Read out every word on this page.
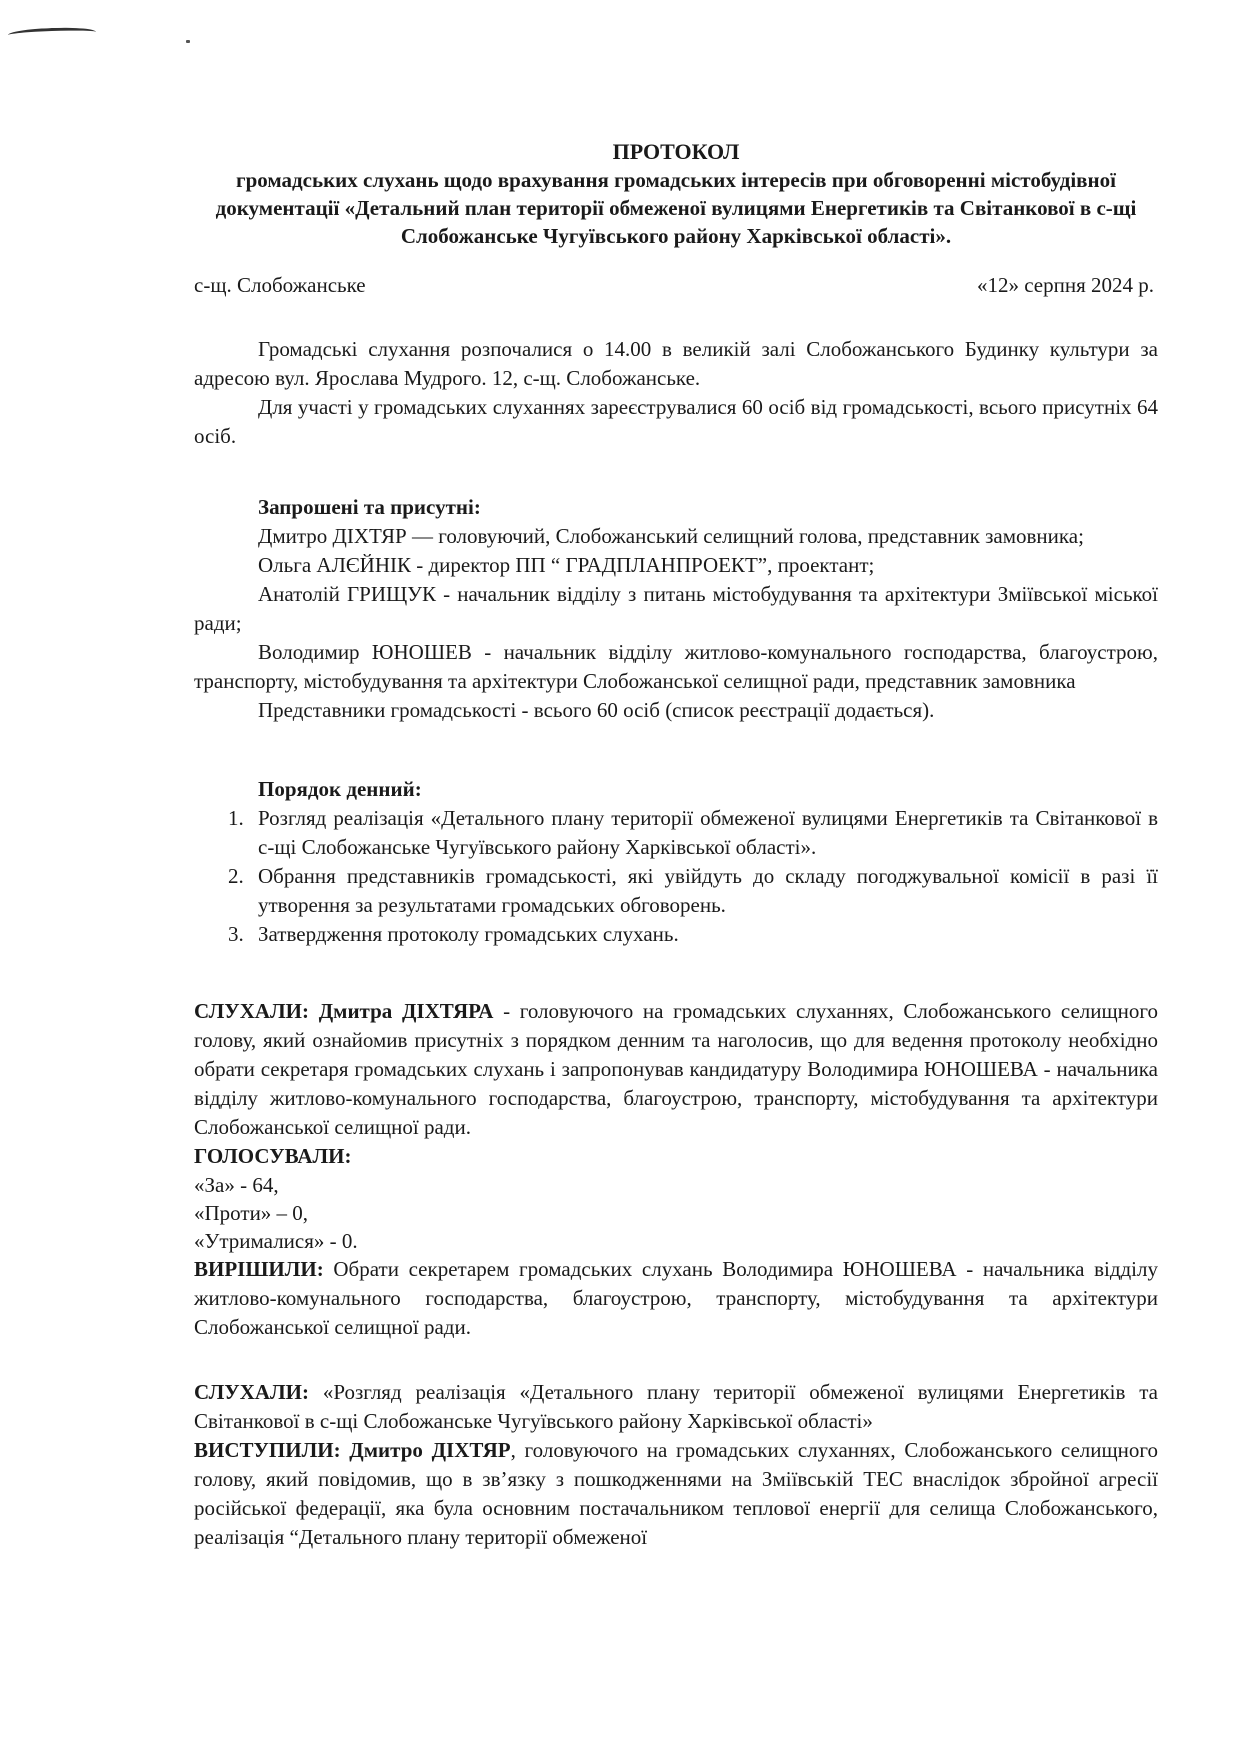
ПРОТОКОЛ

громадських слухань щодо врахування громадських інтересів при обговоренні містобудівної документації «Детальний план території обмеженої вулицями Енергетиків та Світанкової в с-щі Слобожанське Чугуївського району Харківської області».

с-щ. Слобожанське	«12» серпня 2024 р.

Громадські слухання розпочалися о 14.00 в великій залі Слобожанського Будинку культури за адресою вул. Ярослава Мудрого. 12, с-щ. Слобожанське.

Для участі у громадських слуханнях зареєструвалися 60 осіб від громадськості, всього присутніх 64 осіб.

Запрошені та присутні:

Дмитро ДІХТЯР — головуючий, Слобожанський селищний голова, представник замовника;

Ольга АЛЄЙНІК - директор ПП “ ГРАДПЛАНПРОЕКТ”, проектант;

Анатолій ГРИЩУК - начальник відділу з питань містобудування та архітектури Зміївської міської ради;

Володимир ЮНОШЕВ - начальник відділу житлово-комунального господарства, благоустрою, транспорту, містобудування та архітектури Слобожанської селищної ради, представник замовника

Представники громадськості - всього 60 осіб (список реєстрації додається).

Порядок денний:
1. Розгляд реалізація «Детального плану території обмеженої вулицями Енергетиків та Світанкової в с-щі Слобожанське Чугуївського району Харківської області».
2. Обрання представників громадськості, які увійдуть до складу погоджувальної комісії в разі її утворення за результатами громадських обговорень.
3. Затвердження протоколу громадських слухань.

СЛУХАЛИ: Дмитра ДІХТЯРА - головуючого на громадських слуханнях, Слобожанського селищного голову, який ознайомив присутніх з порядком денним та наголосив, що для ведення протоколу необхідно обрати секретаря громадських слухань і запропонував кандидатуру Володимира ЮНОШЕВА - начальника відділу житлово-комунального господарства, благоустрою, транспорту, містобудування та архітектури Слобожанської селищної ради.

ГОЛОСУВАЛИ:
«За» - 64,
«Проти» – 0,
«Утрималися» - 0.

ВИРІШИЛИ: Обрати секретарем громадських слухань Володимира ЮНОШЕВА - начальника відділу житлово-комунального господарства, благоустрою, транспорту, містобудування та архітектури Слобожанської селищної ради.

СЛУХАЛИ: «Розгляд реалізація «Детального плану території обмеженої вулицями Енергетиків та Світанкової в с-щі Слобожанське Чугуївського району Харківської області»

ВИСТУПИЛИ: Дмитро ДІХТЯР, головуючого на громадських слуханнях, Слобожанського селищного голову, який повідомив, що в зв’язку з пошкодженнями на Зміївській ТЕС внаслідок збройної агресії російської федерації, яка була основним постачальником теплової енергії для селища Слобожанського, реалізація “Детального плану території обмеженої
